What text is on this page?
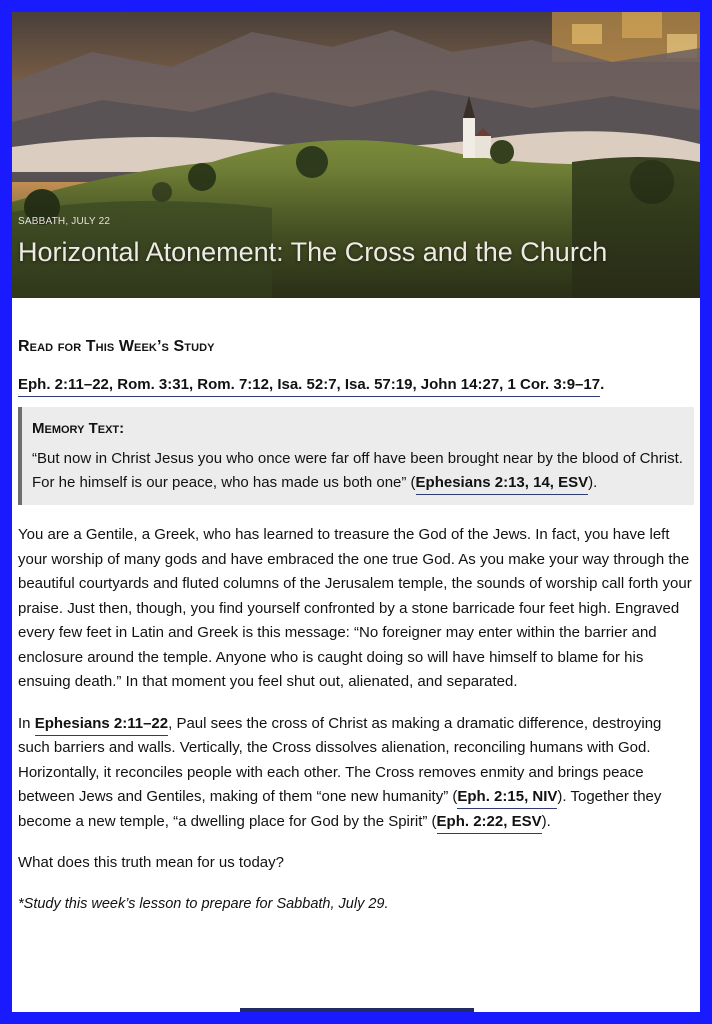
SABBATH, JULY 22
Horizontal Atonement: The Cross and the Church
Read for This Week’s Study
Eph. 2:11–22, Rom. 3:31, Rom. 7:12, Isa. 52:7, Isa. 57:19, John 14:27, 1 Cor. 3:9–17.
Memory Text:

“But now in Christ Jesus you who once were far off have been brought near by the blood of Christ. For he himself is our peace, who has made us both one” (Ephesians 2:13, 14, ESV).

You are a Gentile, a Greek, who has learned to treasure the God of the Jews. In fact, you have left your worship of many gods and have embraced the one true God. As you make your way through the beautiful courtyards and fluted columns of the Jerusalem temple, the sounds of worship call forth your praise. Just then, though, you find yourself confronted by a stone barricade four feet high. Engraved every few feet in Latin and Greek is this message: “No foreigner may enter within the barrier and enclosure around the temple. Anyone who is caught doing so will have himself to blame for his ensuing death.” In that moment you feel shut out, alienated, and separated.

In Ephesians 2:11–22, Paul sees the cross of Christ as making a dramatic difference, destroying such barriers and walls. Vertically, the Cross dissolves alienation, reconciling humans with God. Horizontally, it reconciles people with each other. The Cross removes enmity and brings peace between Jews and Gentiles, making of them “one new humanity” (Eph. 2:15, NIV). Together they become a new temple, “a dwelling place for God by the Spirit” (Eph. 2:22, ESV).

What does this truth mean for us today?

*Study this week’s lesson to prepare for Sabbath, July 29.
